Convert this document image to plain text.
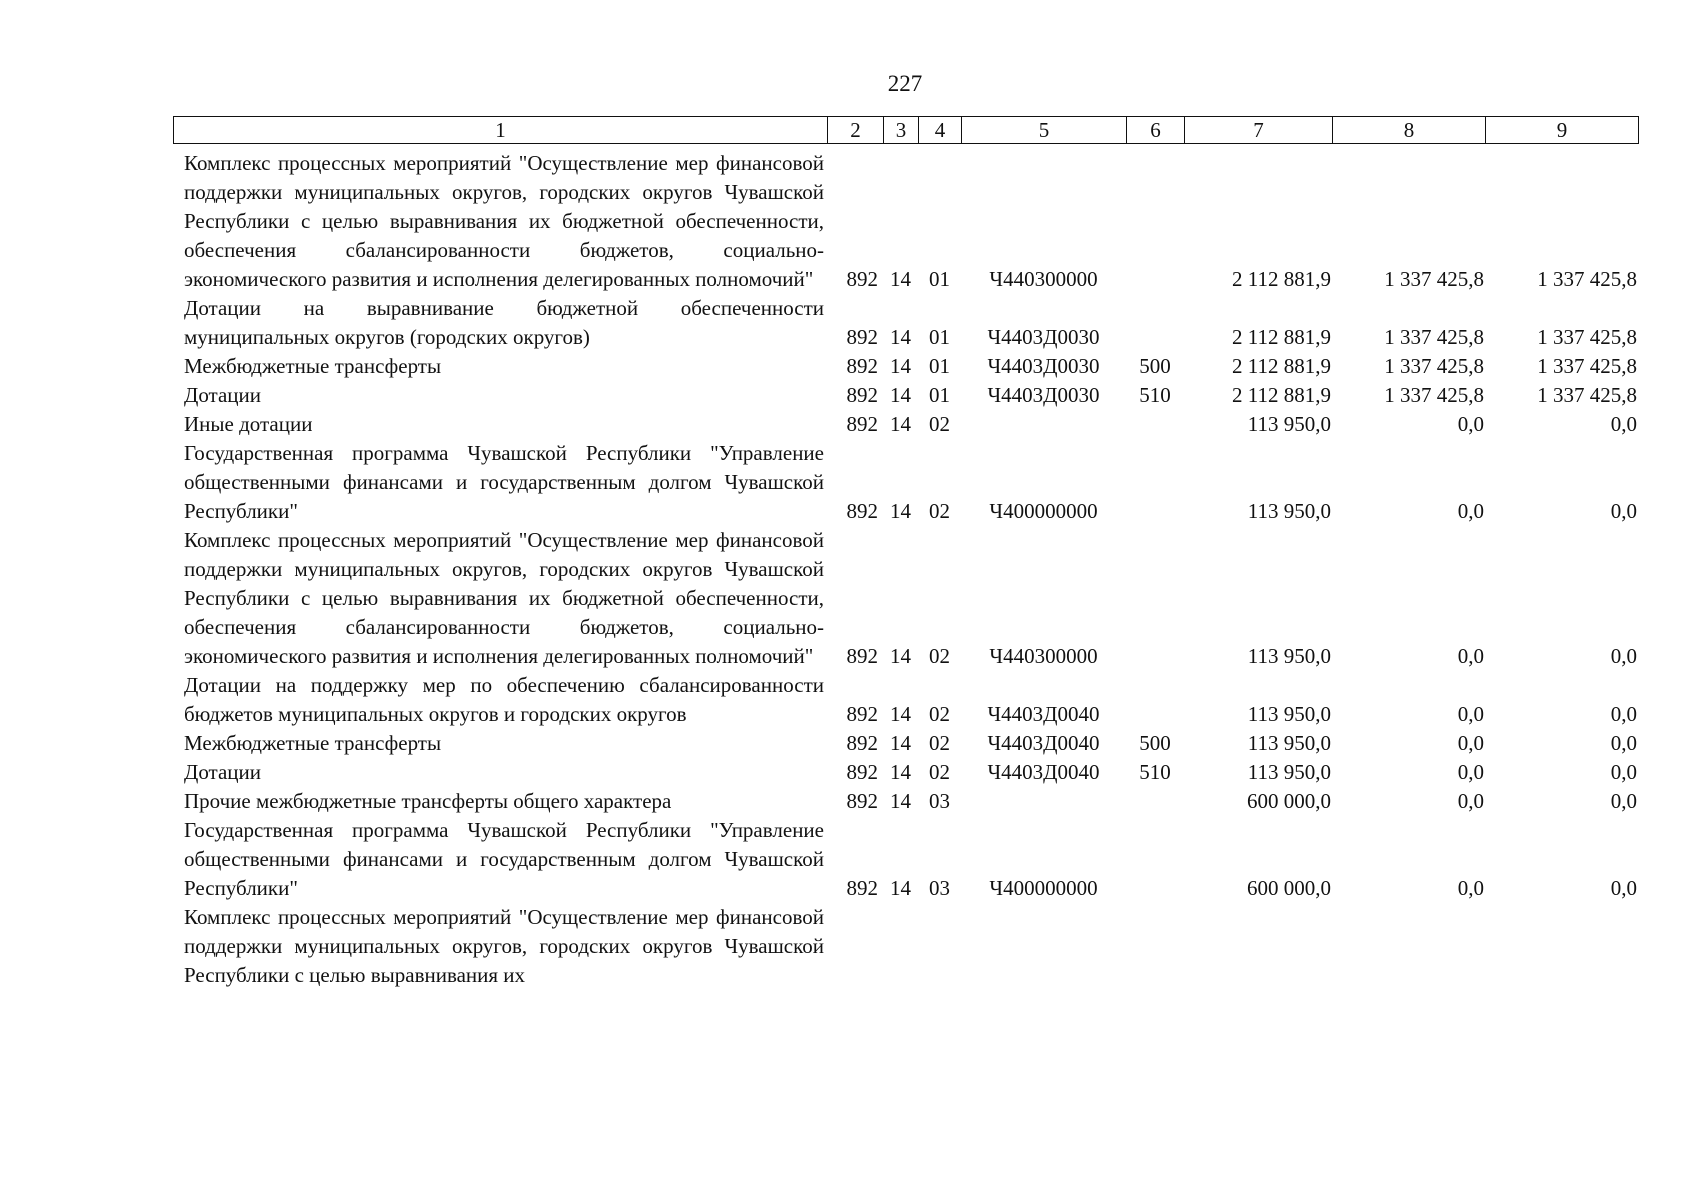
227
1	2	3	4	5	6	7	8	9
Комплекс процессных мероприятий "Осуществление мер финансовой поддержки муниципальных округов, городских округов Чувашской Республики с целью выравнивания их бюджетной обеспеченности, обеспечения сбалансированности бюджетов, социально-экономического развития и исполнения делегированных полномочий"	892	14	01	Ч440300000		2 112 881,9	1 337 425,8	1 337 425,8
Дотации на выравнивание бюджетной обеспеченности муниципальных округов (городских округов)	892	14	01	Ч4403Д0030		2 112 881,9	1 337 425,8	1 337 425,8
Межбюджетные трансферты	892	14	01	Ч4403Д0030	500	2 112 881,9	1 337 425,8	1 337 425,8
Дотации	892	14	01	Ч4403Д0030	510	2 112 881,9	1 337 425,8	1 337 425,8
Иные дотации	892	14	02			113 950,0	0,0	0,0
Государственная программа Чувашской Республики "Управление общественными финансами и государственным долгом Чувашской Республики"	892	14	02	Ч400000000		113 950,0	0,0	0,0
Комплекс процессных мероприятий "Осуществление мер финансовой поддержки муниципальных округов, городских округов Чувашской Республики с целью выравнивания их бюджетной обеспеченности, обеспечения сбалансированности бюджетов, социально-экономического развития и исполнения делегированных полномочий"	892	14	02	Ч440300000		113 950,0	0,0	0,0
Дотации на поддержку мер по обеспечению сбалансированности бюджетов муниципальных округов и городских округов	892	14	02	Ч4403Д0040		113 950,0	0,0	0,0
Межбюджетные трансферты	892	14	02	Ч4403Д0040	500	113 950,0	0,0	0,0
Дотации	892	14	02	Ч4403Д0040	510	113 950,0	0,0	0,0
Прочие межбюджетные трансферты общего характера	892	14	03			600 000,0	0,0	0,0
Государственная программа Чувашской Республики "Управление общественными финансами и государственным долгом Чувашской Республики"	892	14	03	Ч400000000		600 000,0	0,0	0,0
Комплекс процессных мероприятий "Осуществление мер финансовой поддержки муниципальных округов, городских округов Чувашской Республики с целью выравнивания их								
